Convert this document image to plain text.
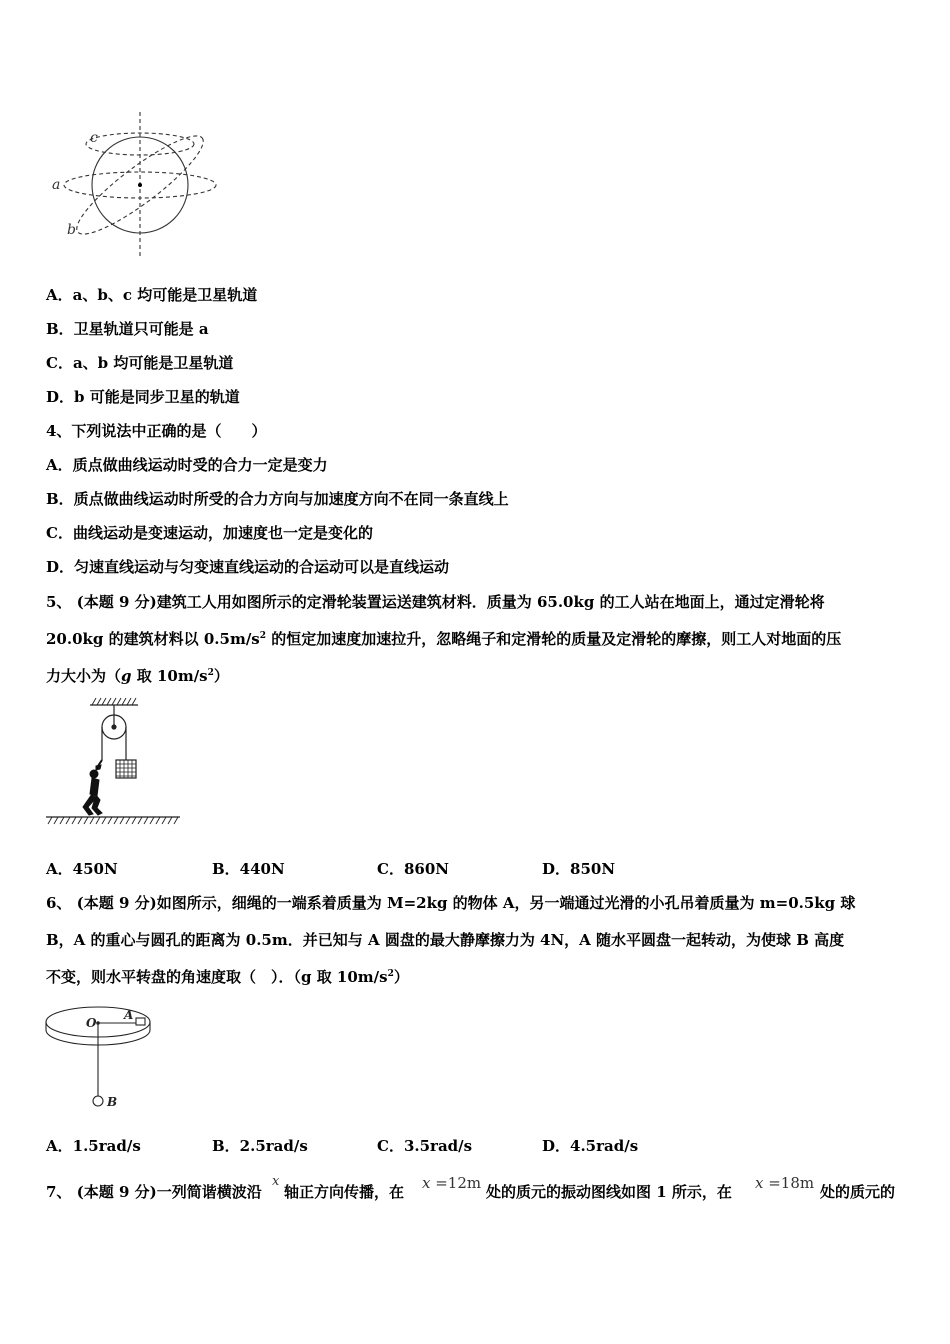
a
b
c
A．a、b、c 均可能是卫星轨道
B．卫星轨道只可能是 a
C．a、b 均可能是卫星轨道
D．b 可能是同步卫星的轨道
4、下列说法中正确的是（　　）
A．质点做曲线运动时受的合力一定是变力
B．质点做曲线运动时所受的合力方向与加速度方向不在同一条直线上
C．曲线运动是变速运动，加速度也一定是变化的
D．匀速直线运动与匀变速直线运动的合运动可以是直线运动
5、 (本题 9 分)建筑工人用如图所示的定滑轮装置运送建筑材料．质量为 65.0kg 的工人站在地面上，通过定滑轮将
20.0kg 的建筑材料以 $0.5m/s^2$ 的恒定加速度加速拉升，忽略绳子和定滑轮的质量及定滑轮的摩擦，则工人对地面的压
力大小为（g 取 $10m/s^2$）
A．450N	B．440N	C．860N	D．850N
6、 (本题 9 分)如图所示，细绳的一端系着质量为 M=2kg 的物体 A，另一端通过光滑的小孔吊着质量为 m=0.5kg 球
B，A 的重心与圆孔的距离为 0.5m．并已知与 A 圆盘的最大静摩擦力为 4N，A 随水平圆盘一起转动，为使球 B 高度
不变，则水平转盘的角速度取（　）．（g 取 $10m/s^2$）
O
A
B
A．1.5rad/s	B．2.5rad/s	C．3.5rad/s	D．4.5rad/s
7、 (本题 9 分)一列简谐横波沿
x
轴正方向传播，在 x =12m 处的质元的振动图线如图 1 所示，在 x =18m 处的质元的
